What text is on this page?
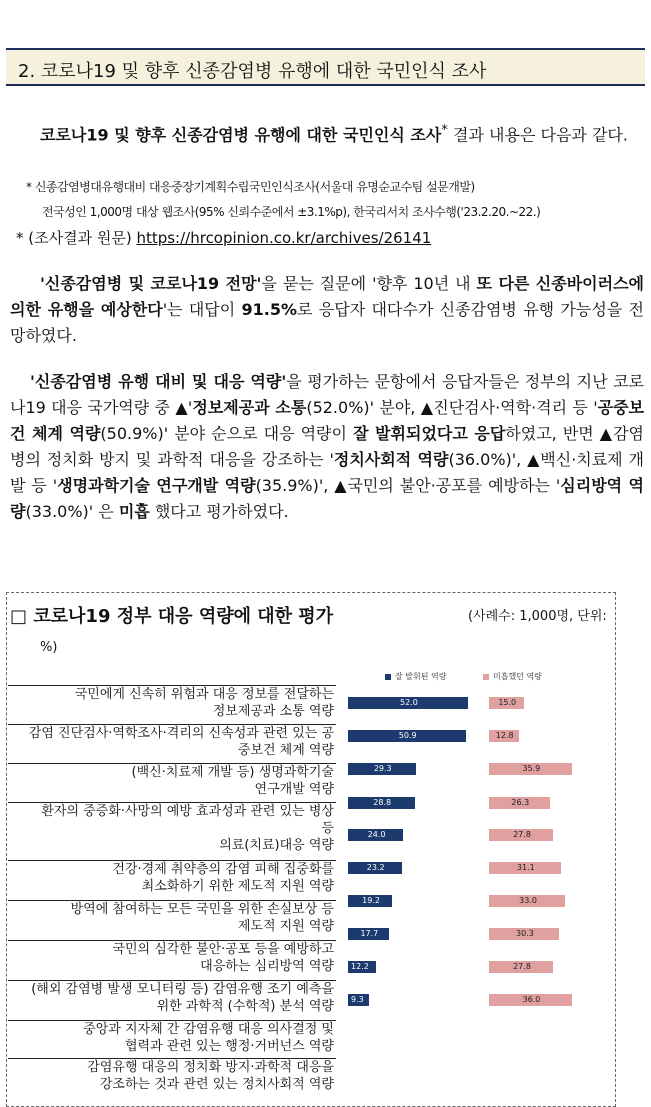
2. 코로나19 및 향후 신종감염병 유행에 대한 국민인식 조사
코로나19 및 향후 신종감염병 유행에 대한 국민인식 조사* 결과 내용은 다음과 같다.
* 신종감염병대유행대비 대응중장기계획수립국민인식조사(서울대 유명순교수팀 설문개발)
전국성인 1,000명 대상 웹조사(95% 신뢰수준에서 ±3.1%p), 한국리서치 조사수행('23.2.20.~22.)
* (조사결과 원문) https://hrcopinion.co.kr/archives/26141
'신종감염병 및 코로나19 전망'을 묻는 질문에 '향후 10년 내 또 다른 신종바이러스에 의한 유행을 예상한다'는 대답이 91.5%로 응답자 대다수가 신종감염병 유행 가능성을 전망하였다.
'신종감염병 유행 대비 및 대응 역량'을 평가하는 문항에서 응답자들은 정부의 지난 코로나19 대응 국가역량 중 ▲'정보제공과 소통(52.0%)' 분야, ▲진단검사·역학·격리 등 '공중보건 체계 역량(50.9%)' 분야 순으로 대응 역량이 잘 발휘되었다고 응답하였고, 반면 ▲감염병의 정치화 방지 및 과학적 대응을 강조하는 '정치사회적 역량(36.0%)', ▲백신·치료제 개발 등 '생명과학기술 연구개발 역량(35.9%)', ▲국민의 불안·공포를 예방하는 '심리방역 역량(33.0%)' 은 미흡 했다고 평가하였다.
□ 코로나19 정부 대응 역량에 대한 평가	(사례수: 1,000명, 단위:
%)
잘 발휘된 역량	미흡했던 역량
국민에게 신속히 위험과 대응 정보를 전달하는
정보제공과 소통 역량
감염 진단검사·역학조사·격리의 신속성과 관련 있는 공
중보건 체계 역량
(백신·치료제 개발 등) 생명과학기술
연구개발 역량
환자의 중증화·사망의 예방 효과성과 관련 있는 병상
등
의료(치료)대응 역량
건강·경제 취약층의 감염 피해 집중화를
최소화하기 위한 제도적 지원 역량
방역에 참여하는 모든 국민을 위한 손실보상 등
제도적 지원 역량
국민의 심각한 불안·공포 등을 예방하고
대응하는 심리방역 역량
(해외 감염병 발생 모니터링 등) 감염유행 조기 예측을
위한 과학적 (수학적) 분석 역량
중앙과 지자체 간 감염유행 대응 의사결정 및
협력과 관련 있는 행정·거버넌스 역량
감염유행 대응의 정치화 방지·과학적 대응을
강조하는 것과 관련 있는 정치사회적 역량
52.0
50.9
29.3
28.8
24.0
23.2
19.2
17.7
12.2
9.3
15.0
12.8
35.9
26.3
27.8
31.1
33.0
30.3
27.8
36.0
